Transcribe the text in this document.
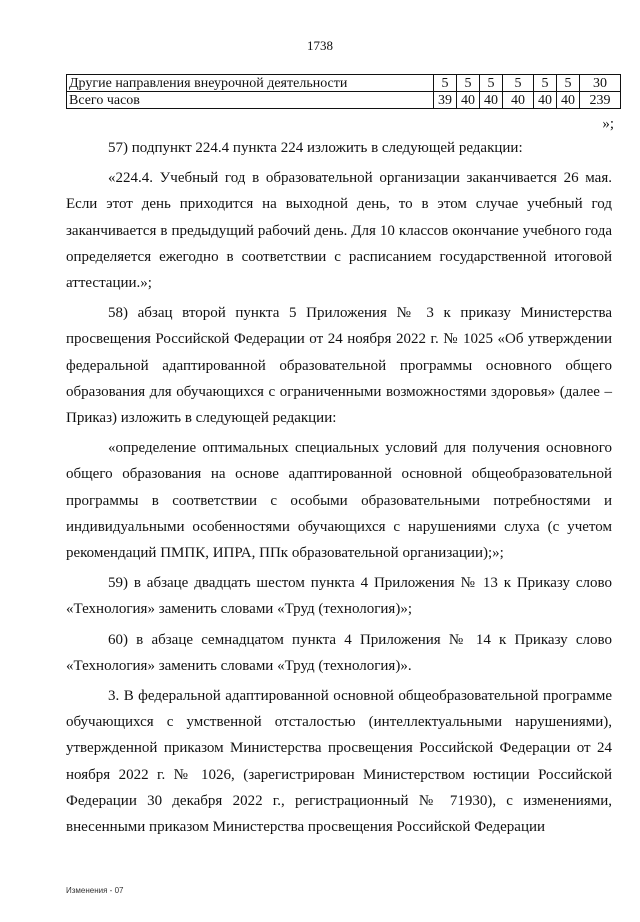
1738
Другие направления внеурочной деятельности	5	5	5	5	5	5	30
Всего часов	39	40	40	40	40	40	239
»;

57) подпункт 224.4 пункта 224 изложить в следующей редакции:

«224.4. Учебный год в образовательной организации заканчивается 26 мая. Если этот день приходится на выходной день, то в этом случае учебный год заканчивается в предыдущий рабочий день. Для 10 классов окончание учебного года определяется ежегодно в соответствии с расписанием государственной итоговой аттестации.»;

58) абзац второй пункта 5 Приложения № 3 к приказу Министерства просвещения Российской Федерации от 24 ноября 2022 г. № 1025 «Об утверждении федеральной адаптированной образовательной программы основного общего образования для обучающихся с ограниченными возможностями здоровья» (далее – Приказ) изложить в следующей редакции:

«определение оптимальных специальных условий для получения основного общего образования на основе адаптированной основной общеобразовательной программы в соответствии с особыми образовательными потребностями и индивидуальными особенностями обучающихся с нарушениями слуха (с учетом рекомендаций ПМПК, ИПРА, ППк образовательной организации);»;

59) в абзаце двадцать шестом пункта 4 Приложения № 13 к Приказу слово «Технология» заменить словами «Труд (технология)»;

60) в абзаце семнадцатом пункта 4 Приложения № 14 к Приказу слово «Технология» заменить словами «Труд (технология)».

3. В федеральной адаптированной основной общеобразовательной программе обучающихся с умственной отсталостью (интеллектуальными нарушениями), утвержденной приказом Министерства просвещения Российской Федерации от 24 ноября 2022 г. № 1026, (зарегистрирован Министерством юстиции Российской Федерации 30 декабря 2022 г., регистрационный № 71930), с изменениями, внесенными приказом Министерства просвещения Российской Федерации

Изменения - 07
